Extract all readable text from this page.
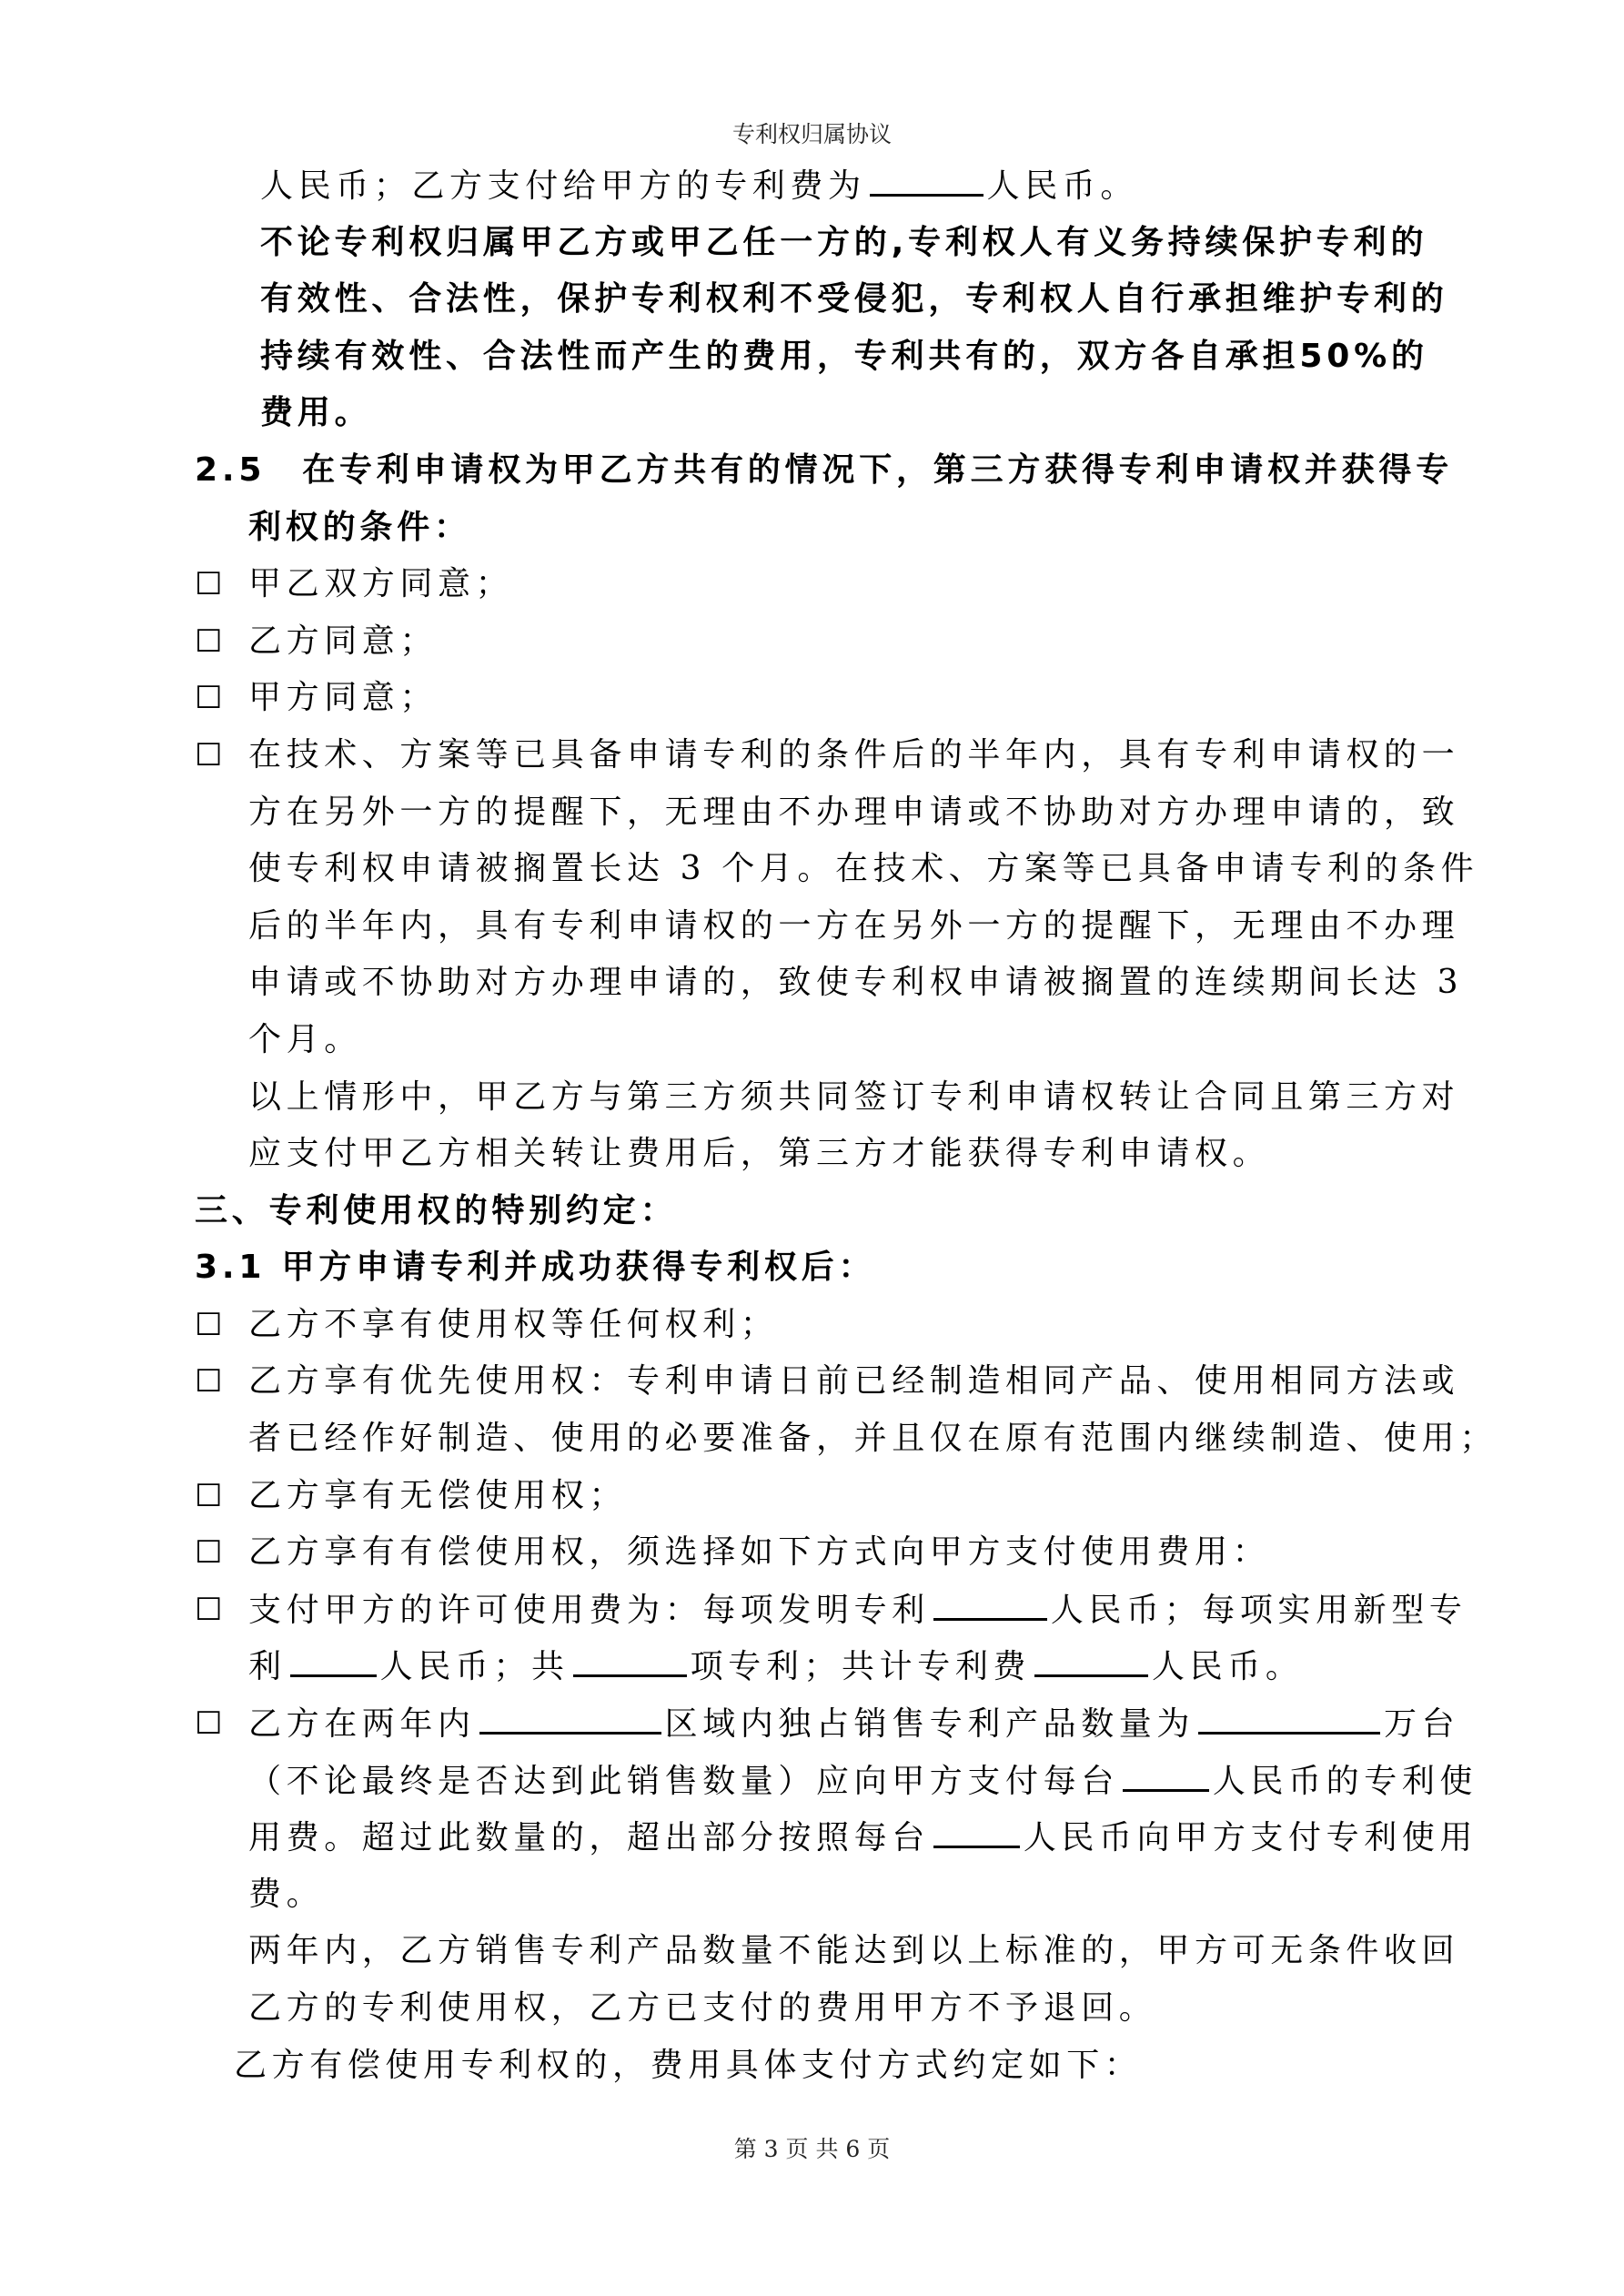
专利权归属协议
人民币；乙方支付给甲方的专利费为	人民币。
不论专利权归属甲乙方或甲乙任一方的,专利权人有义务持续保护专利的
有效性、合法性，保护专利权利不受侵犯，专利权人自行承担维护专利的
持续有效性、合法性而产生的费用，专利共有的，双方各自承担50%的
费用。
2.5 在专利申请权为甲乙方共有的情况下，第三方获得专利申请权并获得专
利权的条件：
☐ 甲乙双方同意；
☐ 乙方同意；
☐ 甲方同意；
☐ 在技术、方案等已具备申请专利的条件后的半年内，具有专利申请权的一
方在另外一方的提醒下，无理由不办理申请或不协助对方办理申请的，致
使专利权申请被搁置长达 3 个月。在技术、方案等已具备申请专利的条件
后的半年内，具有专利申请权的一方在另外一方的提醒下，无理由不办理
申请或不协助对方办理申请的，致使专利权申请被搁置的连续期间长达 3
个月。
以上情形中，甲乙方与第三方须共同签订专利申请权转让合同且第三方对
应支付甲乙方相关转让费用后，第三方才能获得专利申请权。
三、专利使用权的特别约定：
3.1 甲方申请专利并成功获得专利权后：
☐ 乙方不享有使用权等任何权利；
☐ 乙方享有优先使用权：专利申请日前已经制造相同产品、使用相同方法或
者已经作好制造、使用的必要准备，并且仅在原有范围内继续制造、使用；
☐ 乙方享有无偿使用权；
☐ 乙方享有有偿使用权，须选择如下方式向甲方支付使用费用：
☐ 支付甲方的许可使用费为：每项发明专利	人民币；每项实用新型专
利	人民币；共	项专利；共计专利费	人民币。
☐ 乙方在两年内	区域内独占销售专利产品数量为	万台
（不论最终是否达到此销售数量）应向甲方支付每台	人民币的专利使
用费。超过此数量的，超出部分按照每台	人民币向甲方支付专利使用
费。
两年内，乙方销售专利产品数量不能达到以上标准的，甲方可无条件收回
乙方的专利使用权，乙方已支付的费用甲方不予退回。
乙方有偿使用专利权的，费用具体支付方式约定如下：
第 3 页 共 6 页
